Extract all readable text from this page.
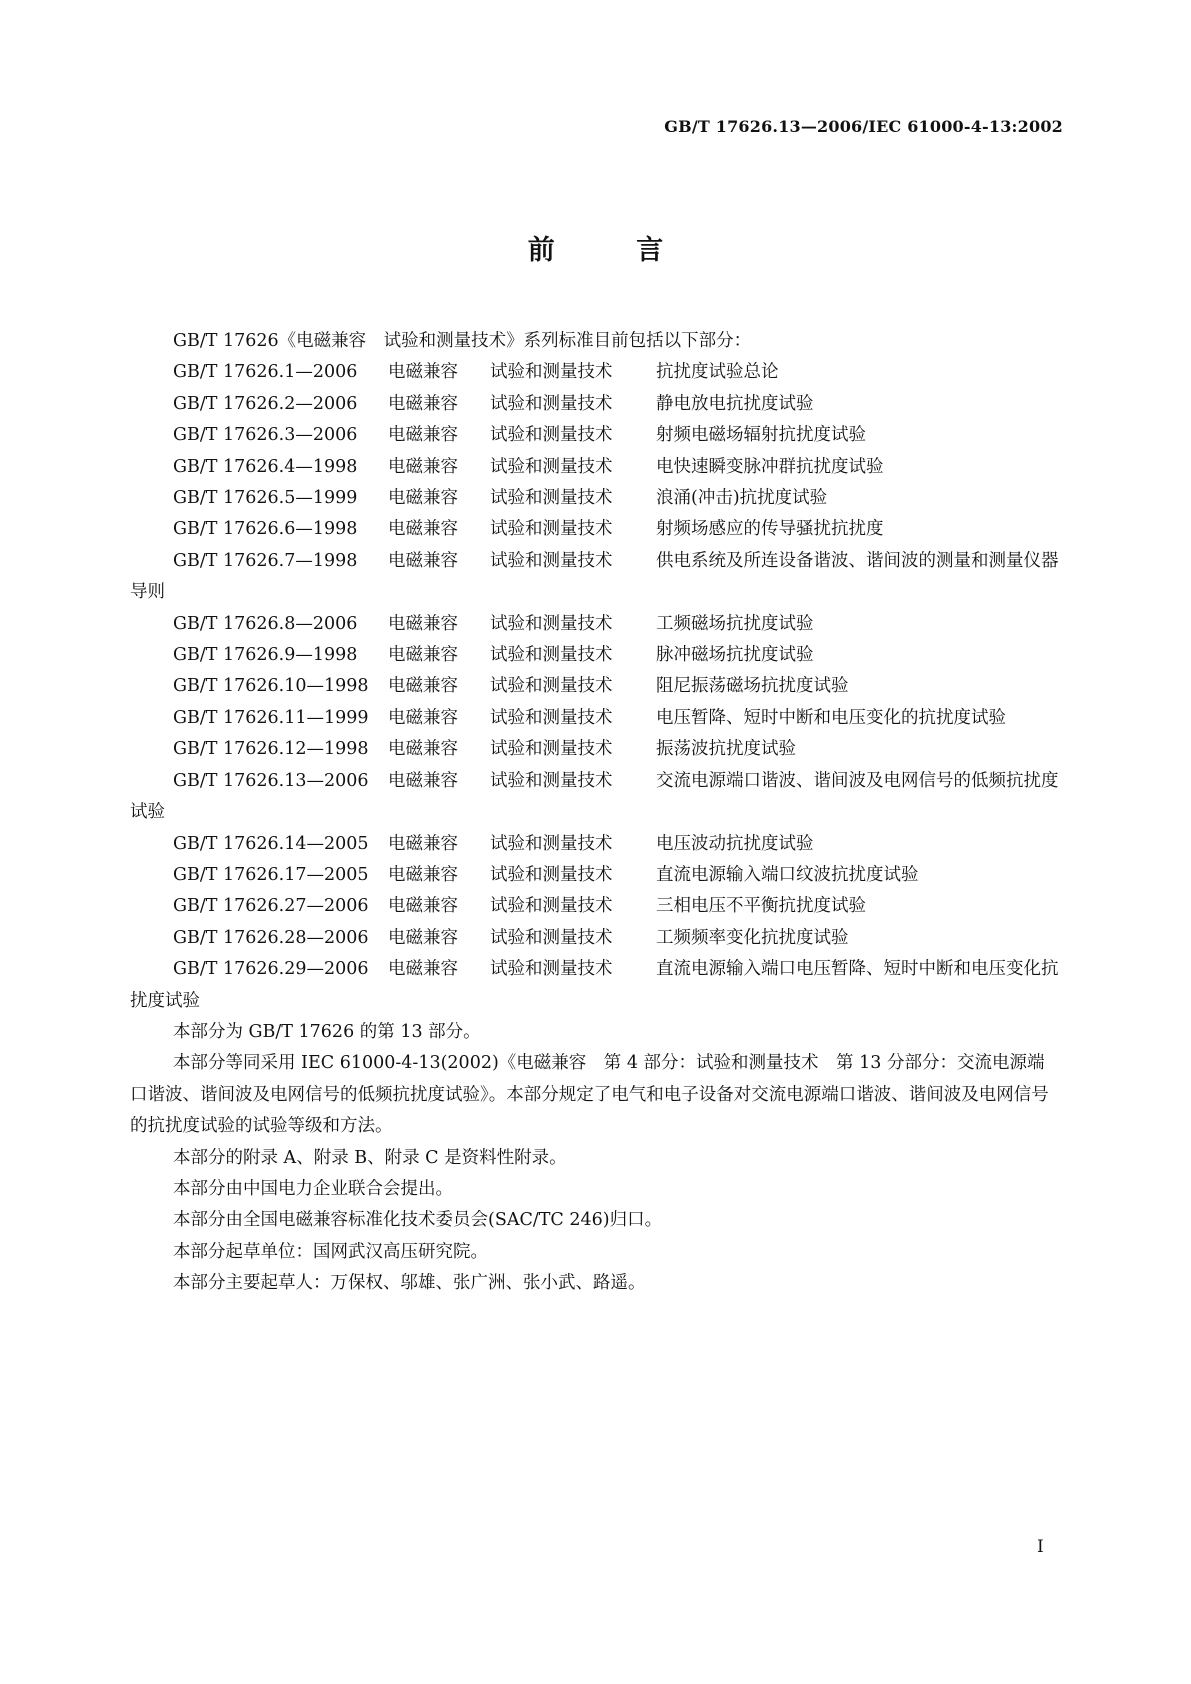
GB/T 17626.13—2006/IEC 61000-4-13:2002
前 言

GB/T 17626《电磁兼容　试验和测量技术》系列标准目前包括以下部分：

GB/T 17626.1—2006 电磁兼容 试验和测量技术 抗扰度试验总论

GB/T 17626.2—2006 电磁兼容 试验和测量技术 静电放电抗扰度试验

GB/T 17626.3—2006 电磁兼容 试验和测量技术 射频电磁场辐射抗扰度试验

GB/T 17626.4—1998 电磁兼容 试验和测量技术 电快速瞬变脉冲群抗扰度试验

GB/T 17626.5—1999 电磁兼容 试验和测量技术 浪涌(冲击)抗扰度试验

GB/T 17626.6—1998 电磁兼容 试验和测量技术 射频场感应的传导骚扰抗扰度

GB/T 17626.7—1998 电磁兼容 试验和测量技术 供电系统及所连设备谐波、谐间波的测量和测量仪器导则

GB/T 17626.8—2006 电磁兼容 试验和测量技术 工频磁场抗扰度试验

GB/T 17626.9—1998 电磁兼容 试验和测量技术 脉冲磁场抗扰度试验

GB/T 17626.10—1998 电磁兼容 试验和测量技术 阻尼振荡磁场抗扰度试验

GB/T 17626.11—1999 电磁兼容 试验和测量技术 电压暂降、短时中断和电压变化的抗扰度试验

GB/T 17626.12—1998 电磁兼容 试验和测量技术 振荡波抗扰度试验

GB/T 17626.13—2006 电磁兼容 试验和测量技术 交流电源端口谐波、谐间波及电网信号的低频抗扰度试验

GB/T 17626.14—2005 电磁兼容 试验和测量技术 电压波动抗扰度试验

GB/T 17626.17—2005 电磁兼容 试验和测量技术 直流电源输入端口纹波抗扰度试验

GB/T 17626.27—2006 电磁兼容 试验和测量技术 三相电压不平衡抗扰度试验

GB/T 17626.28—2006 电磁兼容 试验和测量技术 工频频率变化抗扰度试验

GB/T 17626.29—2006 电磁兼容 试验和测量技术 直流电源输入端口电压暂降、短时中断和电压变化抗扰度试验

本部分为 GB/T 17626 的第 13 部分。

本部分等同采用 IEC 61000-4-13(2002)《电磁兼容　第 4 部分：试验和测量技术　第 13 分部分：交流电源端口谐波、谐间波及电网信号的低频抗扰度试验》。本部分规定了电气和电子设备对交流电源端口谐波、谐间波及电网信号的抗扰度试验的试验等级和方法。

本部分的附录 A、附录 B、附录 C 是资料性附录。

本部分由中国电力企业联合会提出。

本部分由全国电磁兼容标准化技术委员会(SAC/TC 246)归口。

本部分起草单位：国网武汉高压研究院。

本部分主要起草人：万保权、邬雄、张广洲、张小武、路遥。

I
